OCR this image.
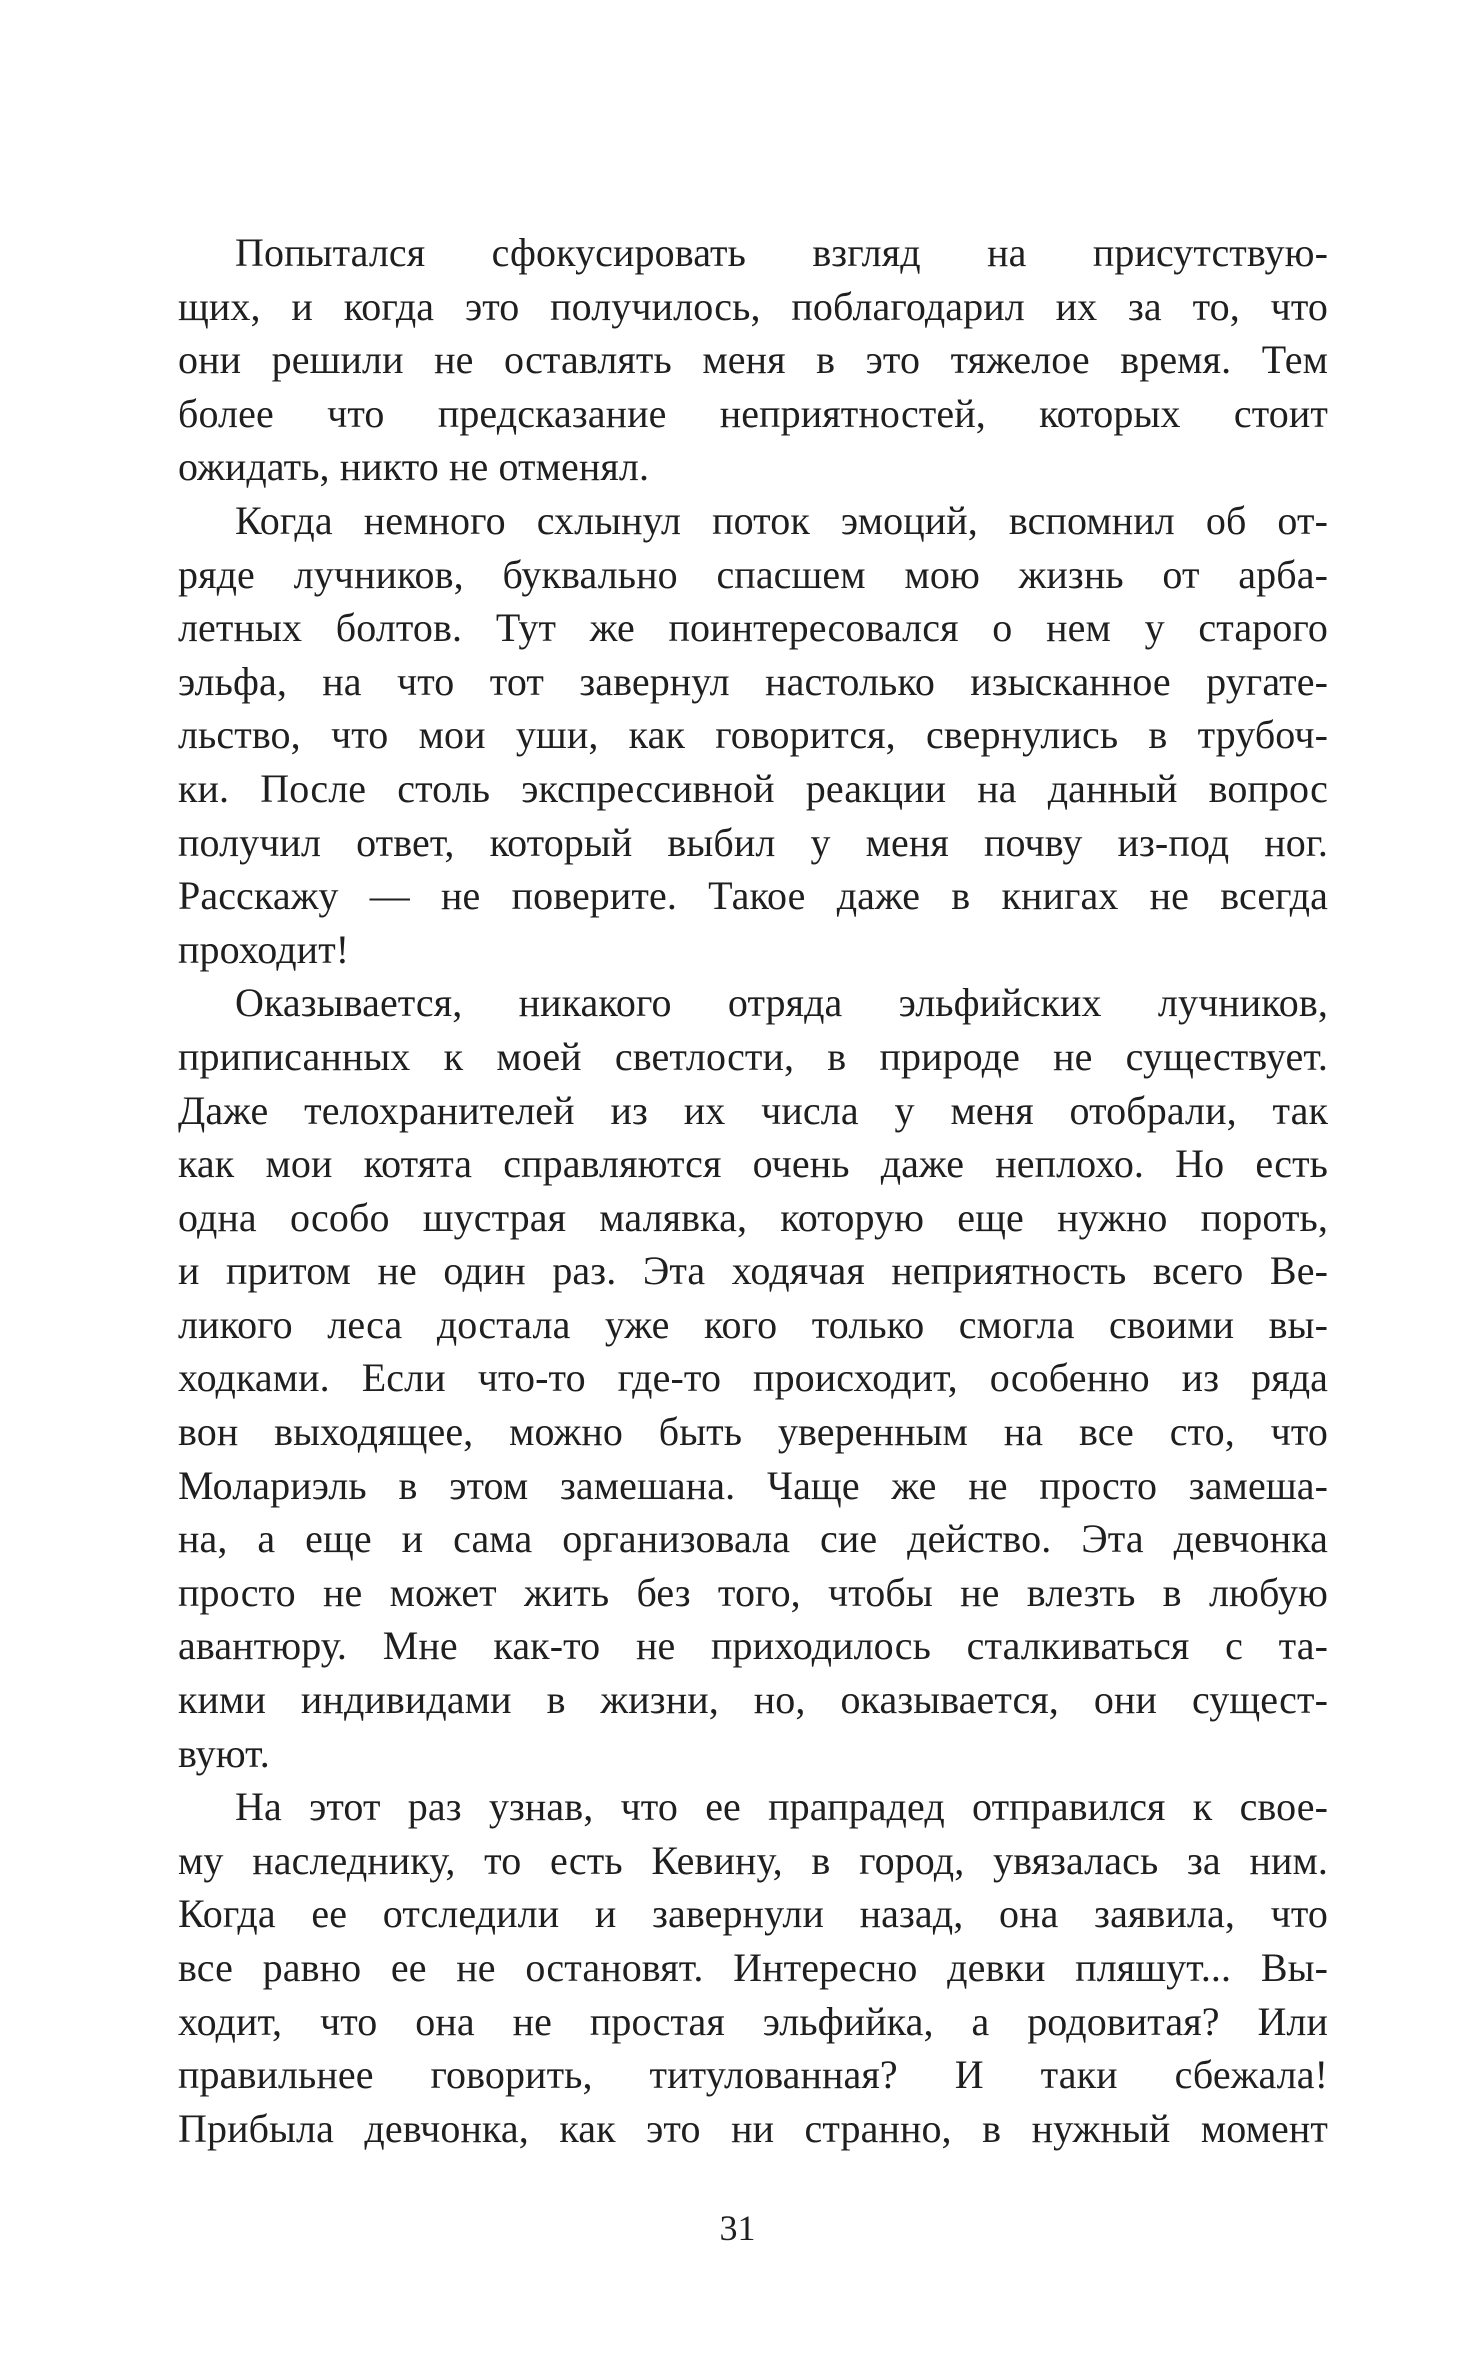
Попытался сфокусировать взгляд на присутствую-
щих, и когда это получилось, поблагодарил их за то, что
они решили не оставлять меня в это тяжелое время. Тем
более что предсказание неприятностей, которых стоит
ожидать, никто не отменял.
Когда немного схлынул поток эмоций, вспомнил об от-
ряде лучников, буквально спасшем мою жизнь от арба-
летных болтов. Тут же поинтересовался о нем у старого
эльфа, на что тот завернул настолько изысканное ругате-
льство, что мои уши, как говорится, свернулись в трубоч-
ки. После столь экспрессивной реакции на данный вопрос
получил ответ, который выбил у меня почву из-под ног.
Расскажу — не поверите. Такое даже в книгах не всегда
проходит!
Оказывается, никакого отряда эльфийских лучников,
приписанных к моей светлости, в природе не существует.
Даже телохранителей из их числа у меня отобрали, так
как мои котята справляются очень даже неплохо. Но есть
одна особо шустрая малявка, которую еще нужно пороть,
и притом не один раз. Эта ходячая неприятность всего Ве-
ликого леса достала уже кого только смогла своими вы-
ходками. Если что-то где-то происходит, особенно из ряда
вон выходящее, можно быть уверенным на все сто, что
Молариэль в этом замешана. Чаще же не просто замеша-
на, а еще и сама организовала сие действо. Эта девчонка
просто не может жить без того, чтобы не влезть в любую
авантюру. Мне как-то не приходилось сталкиваться с та-
кими индивидами в жизни, но, оказывается, они сущест-
вуют.
На этот раз узнав, что ее прапрадед отправился к свое-
му наследнику, то есть Кевину, в город, увязалась за ним.
Когда ее отследили и завернули назад, она заявила, что
все равно ее не остановят. Интересно девки пляшут... Вы-
ходит, что она не простая эльфийка, а родовитая? Или
правильнее говорить, титулованная? И таки сбежала!
Прибыла девчонка, как это ни странно, в нужный момент
31
